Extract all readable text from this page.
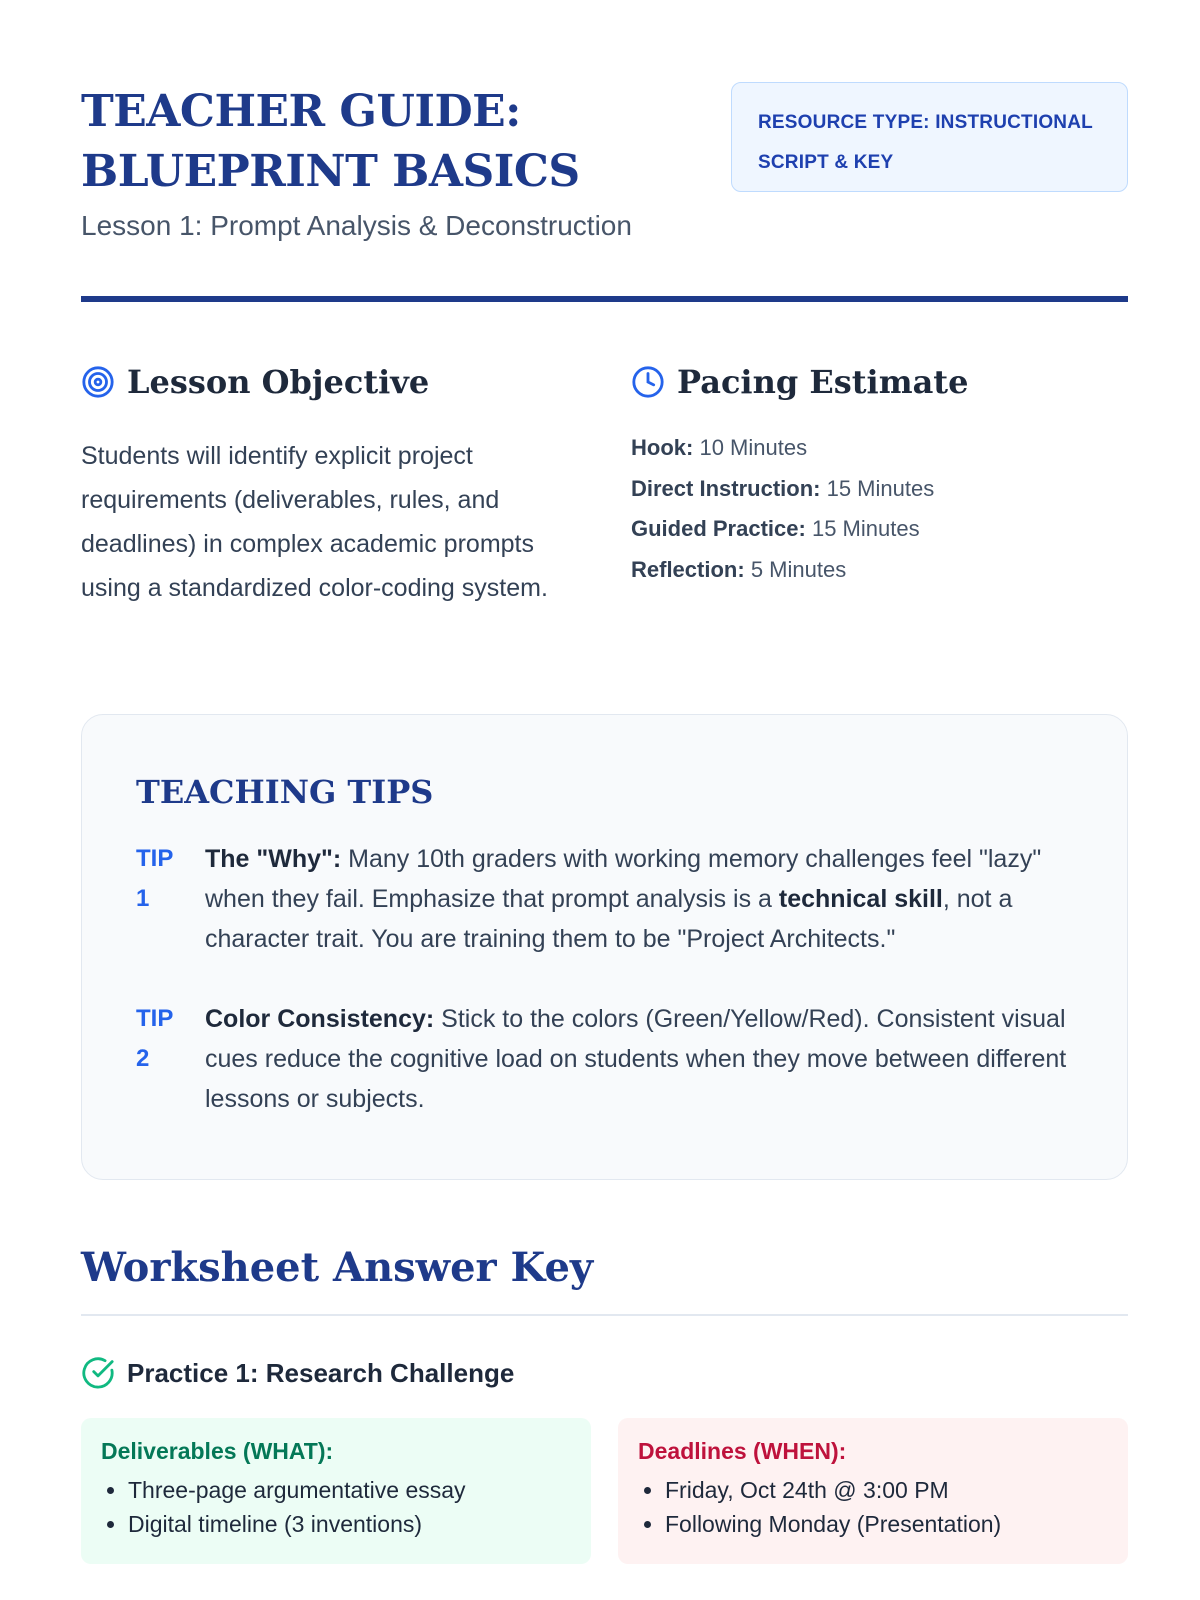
TEACHER GUIDE:
BLUEPRINT BASICS
Lesson 1: Prompt Analysis & Deconstruction
RESOURCE TYPE: INSTRUCTIONAL
SCRIPT & KEY
Lesson Objective

Students will identify explicit project requirements (deliverables, rules, and deadlines) in complex academic prompts using a standardized color-coding system.

Pacing Estimate
Hook: 10 Minutes
Direct Instruction: 15 Minutes
Guided Practice: 15 Minutes
Reflection: 5 Minutes
TEACHING TIPS
TIP
1
The "Why": Many 10th graders with working memory challenges feel "lazy" when they fail. Emphasize that prompt analysis is a technical skill, not a character trait. You are training them to be "Project Architects."
TIP
2
Color Consistency: Stick to the colors (Green/Yellow/Red). Consistent visual cues reduce the cognitive load on students when they move between different lessons or subjects.
Worksheet Answer Key
Practice 1: Research Challenge
Deliverables (WHAT):
• Three-page argumentative essay
• Digital timeline (3 inventions)
Deadlines (WHEN):
• Friday, Oct 24th @ 3:00 PM
• Following Monday (Presentation)
